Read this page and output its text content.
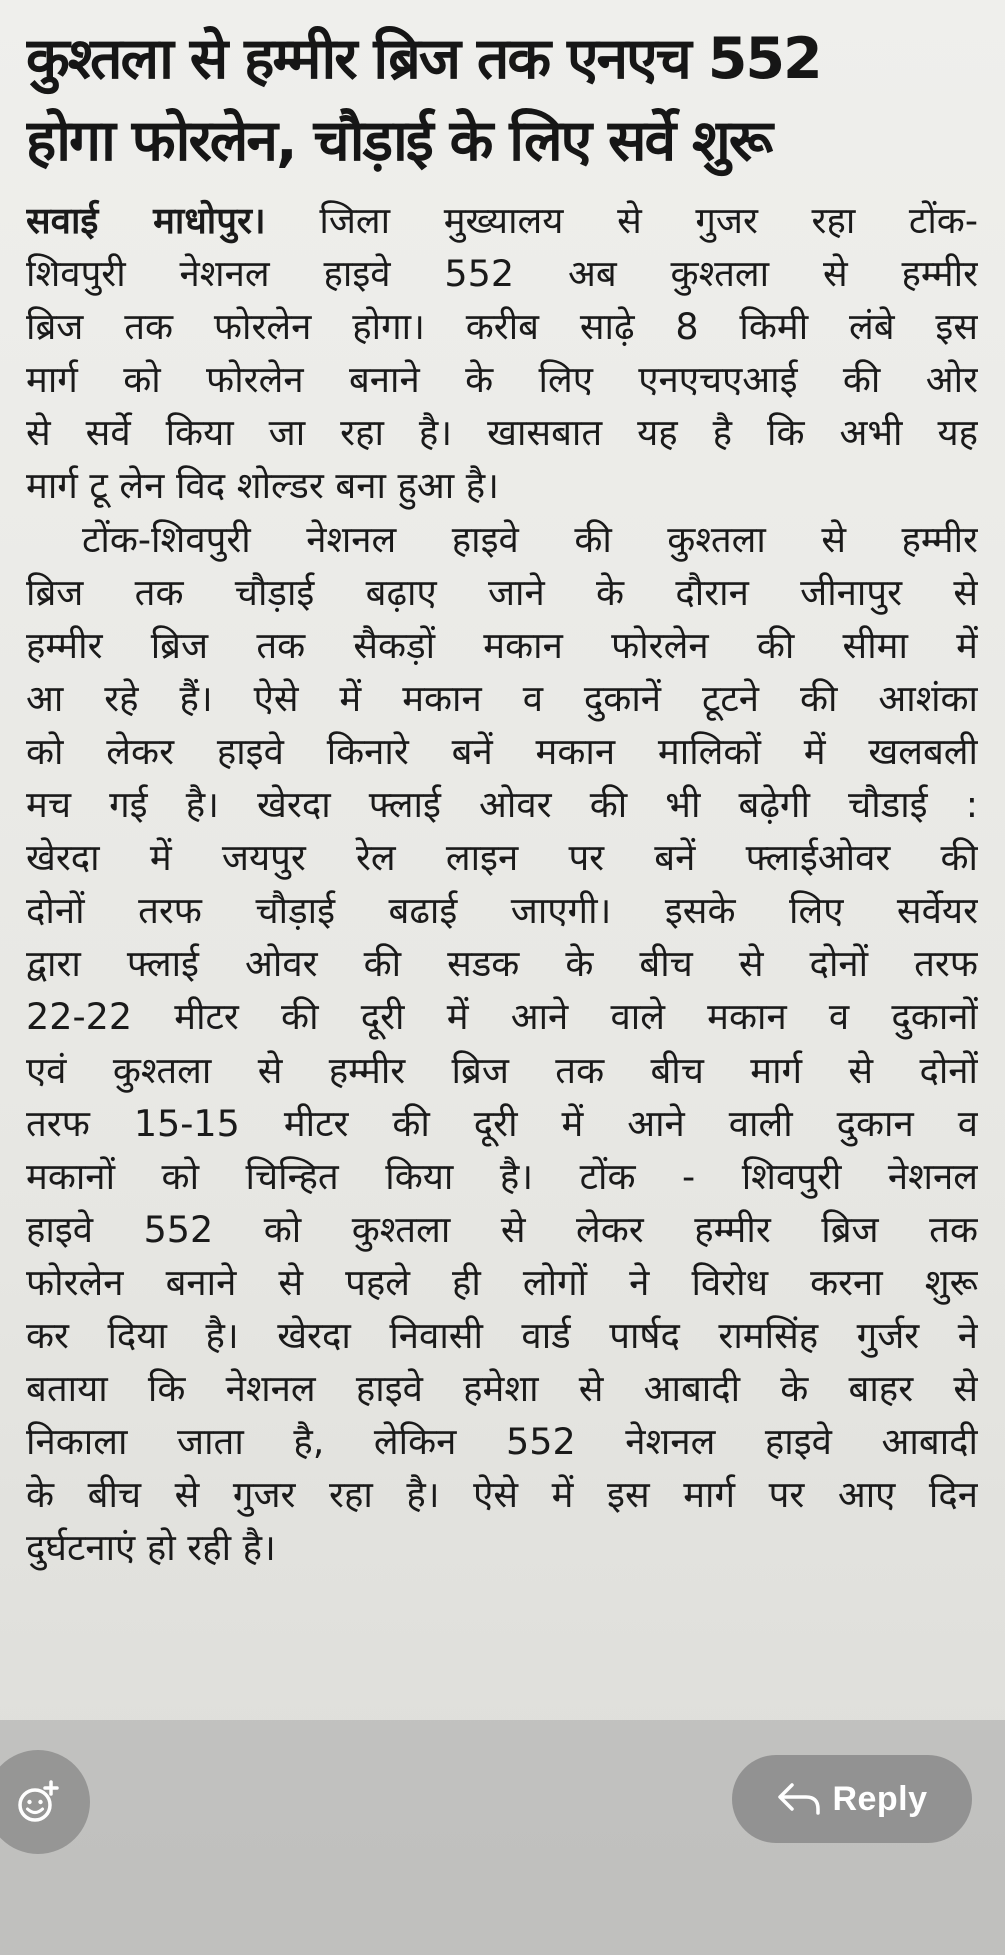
कुश्तला से हम्मीर ब्रिज तक एनएच 552
होगा फोरलेन, चौड़ाई के लिए सर्वे शुरू
सवाई माधोपुर। जिला मुख्यालय से गुजर रहा टोंक-
शिवपुरी नेशनल हाइवे 552 अब कुश्तला से हम्मीर
ब्रिज तक फोरलेन होगा। करीब साढ़े 8 किमी लंबे इस
मार्ग को फोरलेन बनाने के लिए एनएचएआई की ओर
से सर्वे किया जा रहा है। खासबात यह है कि अभी यह
मार्ग टू लेन विद शोल्डर बना हुआ है।
टोंक-शिवपुरी नेशनल हाइवे की कुश्तला से हम्मीर
ब्रिज तक चौड़ाई बढ़ाए जाने के दौरान जीनापुर से
हम्मीर ब्रिज तक सैकड़ों मकान फोरलेन की सीमा में
आ रहे हैं। ऐसे में मकान व दुकानें टूटने की आशंका
को लेकर हाइवे किनारे बनें मकान मालिकों में खलबली
मच गई है। खेरदा फ्लाई ओवर की भी बढ़ेगी चौडाई :
खेरदा में जयपुर रेल लाइन पर बनें फ्लाईओवर की
दोनों तरफ चौड़ाई बढाई जाएगी। इसके लिए सर्वेयर
द्वारा फ्लाई ओवर की सडक के बीच से दोनों तरफ
22-22 मीटर की दूरी में आने वाले मकान व दुकानों
एवं कुश्तला से हम्मीर ब्रिज तक बीच मार्ग से दोनों
तरफ 15-15 मीटर की दूरी में आने वाली दुकान व
मकानों को चिन्हित किया है। टोंक - शिवपुरी नेशनल
हाइवे 552 को कुश्तला से लेकर हम्मीर ब्रिज तक
फोरलेन बनाने से पहले ही लोगों ने विरोध करना शुरू
कर दिया है। खेरदा निवासी वार्ड पार्षद रामसिंह गुर्जर ने
बताया कि नेशनल हाइवे हमेशा से आबादी के बाहर से
निकाला जाता है, लेकिन 552 नेशनल हाइवे आबादी
के बीच से गुजर रहा है। ऐसे में इस मार्ग पर आए दिन
दुर्घटनाएं हो रही है।
Reply
